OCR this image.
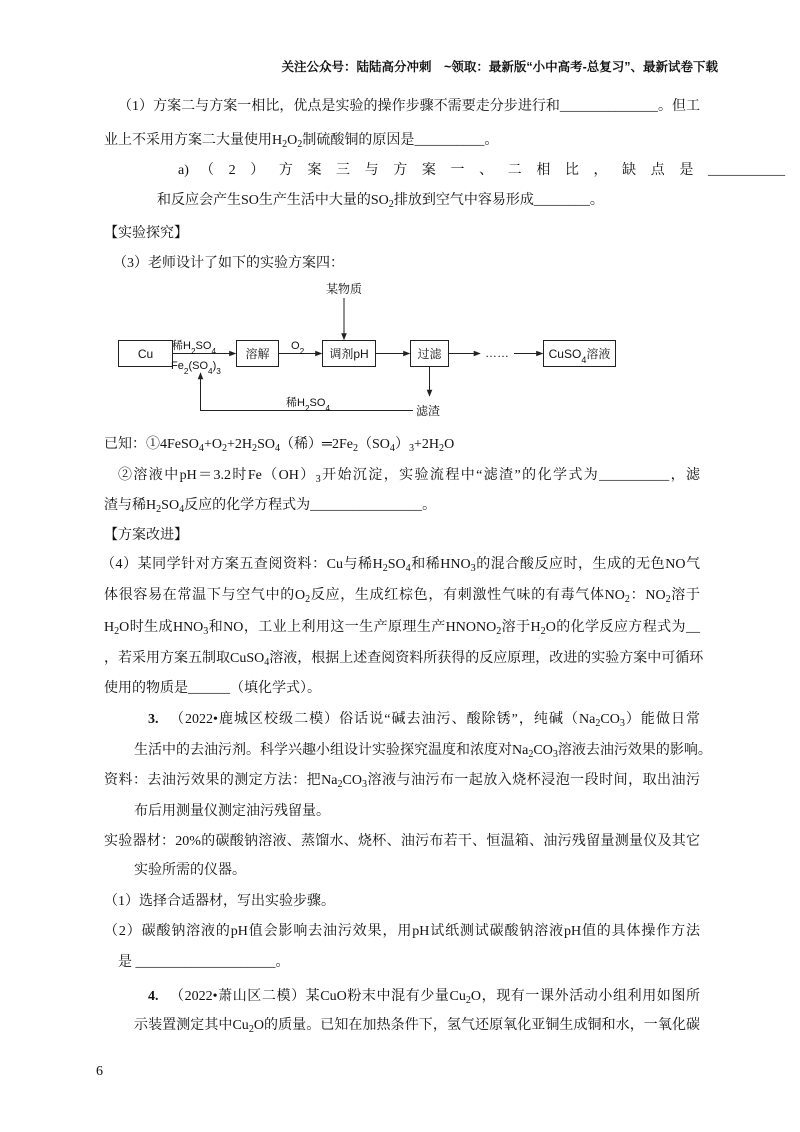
关注公众号：陆陆高分冲刺　~领取：最新版“小中高考-总复习”、最新试卷下载
（1）方案二与方案一相比，优点是实验的操作步骤不需要走分步进行和______________。但工
业上不采用方案二大量使用$H_2O_2$制硫酸铜的原因是__________。
a) （2）方案三与方案一、二相比，缺点是___________
和反应会产生SO生产生活中大量的$SO_2$排放到空气中容易形成________。
【实验探究】
（3）老师设计了如下的实验方案四：
某物质
Cu
稀$H_2SO_4$
$Fe_2(SO_4)_3$
溶解
$O_2$ 调剂pH	过滤	……	CuSO$_4$溶液
滤渣
稀$H_2SO_4$
已知：$①4FeSO_4+O_2+2H_2SO_4$（稀）$═2Fe_2(SO_4)_3+2H_2O$
②溶液中pH＝3.2时$Fe(OH)_3$开始沉淀，实验流程中“滤渣”的化学式为__________，滤
渣与稀$H_2SO_4$反应的化学方程式为________________。
【方案改进】
（4）某同学针对方案五查阅资料：Cu与稀$H_2SO_4$和稀$HNO_3$的混合酸反应时，生成的无色NO气
体很容易在常温下与空气中的$O_2$反应，生成红棕色，有刺激性气味的有毒气体$NO_2$：$NO_2$溶于
$H_2O$时生成$HNO_3$和NO，工业上利用这一生产原理生产$HNONO_2$溶于$H_2O$的化学反应方程式为__
，若采用方案五制取CuSO$_4$溶液，根据上述查阅资料所获得的反应原理，改进的实验方案中可循环
使用的物质是______（填化学式）。
3. （2022•鹿城区校级二模）俗话说“碱去油污、酸除锈”，纯碱$(Na_2CO_3)$能做日常
生活中的去油污剂。科学兴趣小组设计实验探究温度和浓度对$Na_2CO_3$溶液去油污效果的影响。
资料：去油污效果的测定方法：把$Na_2CO_3$溶液与油污布一起放入烧杯浸泡一段时间，取出油污
布后用测量仪测定油污残留量。
实验器材：20%的碳酸钠溶液、蒸馏水、烧杯、油污布若干、恒温箱、油污残留量测量仪及其它
实验所需的仪器。
（1）选择合适器材，写出实验步骤。
（2）碳酸钠溶液的pH值会影响去油污效果，用pH试纸测试碳酸钠溶液pH值的具体操作方法
是 ____________________。
4. （2022•萧山区二模）某CuO粉末中混有少量$Cu_2O$，现有一课外活动小组利用如图所
示装置测定其中$Cu_2O$的质量。已知在加热条件下，氢气还原氧化亚铜生成铜和水，一氧化碳
6
